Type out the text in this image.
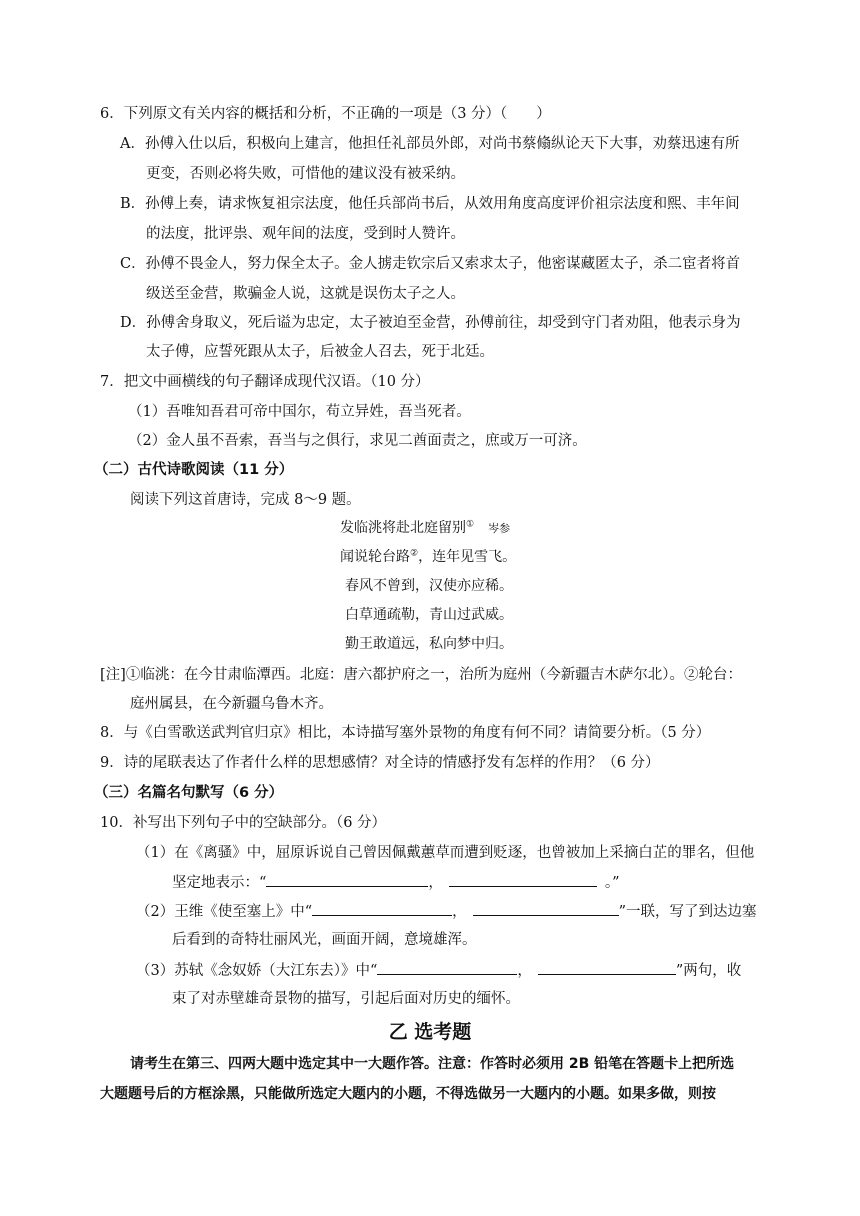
6．下列原文有关内容的概括和分析，不正确的一项是（3 分）（　　）
A．孙傅入仕以后，积极向上建言，他担任礼部员外郎，对尚书蔡翛纵论天下大事，劝蔡迅速有所
更变，否则必将失败，可惜他的建议没有被采纳。
B．孙傅上奏，请求恢复祖宗法度，他任兵部尚书后，从效用角度高度评价祖宗法度和熙、丰年间
的法度，批评祟、观年间的法度，受到时人赞许。
C．孙傅不畏金人，努力保全太子。金人掳走钦宗后又索求太子，他密谋藏匿太子，杀二宦者将首
级送至金营，欺骗金人说，这就是误伤太子之人。
D．孙傅舍身取义，死后谥为忠定，太子被迫至金营，孙傅前往，却受到守门者劝阻，他表示身为
太子傅，应誓死跟从太子，后被金人召去，死于北廷。
7．把文中画横线的句子翻译成现代汉语。（10 分）
（1）吾唯知吾君可帝中国尔，苟立异姓，吾当死者。
（2）金人虽不吾索，吾当与之俱行，求见二酋面责之，庶或万一可济。
（二）古代诗歌阅读（11 分）
阅读下列这首唐诗，完成 8～9 题。
发临洮将赴北庭留别① 岑参
闻说轮台路②，连年见雪飞。
春风不曾到，汉使亦应稀。
白草通疏勒，青山过武威。
勤王敢道远，私向梦中归。
[注]①临洮：在今甘肃临潭西。北庭：唐六都护府之一，治所为庭州（今新疆吉木萨尔北）。②轮台：
庭州属县，在今新疆乌鲁木齐。
8．与《白雪歌送武判官归京》相比，本诗描写塞外景物的角度有何不同？请简要分析。（5 分）
9．诗的尾联表达了作者什么样的思想感情？对全诗的情感抒发有怎样的作用？（6 分）
（三）名篇名句默写（6 分）
10．补写出下列句子中的空缺部分。（6 分）
（1）在《离骚》中，屈原诉说自己曾因佩戴蕙草而遭到贬逐，也曾被加上采摘白芷的罪名，但他
坚定地表示：“	，	。”
（2）王维《使至塞上》中“	，	”一联，写了到达边塞
后看到的奇特壮丽风光，画面开阔，意境雄浑。
（3）苏轼《念奴娇（大江东去）》中“	，	”两句，收
束了对赤壁雄奇景物的描写，引起后面对历史的缅怀。
乙 选考题
请考生在第三、四两大题中选定其中一大题作答。注意：作答时必须用 2B 铅笔在答题卡上把所选
大题题号后的方框涂黑，只能做所选定大题内的小题，不得选做另一大题内的小题。如果多做，则按
